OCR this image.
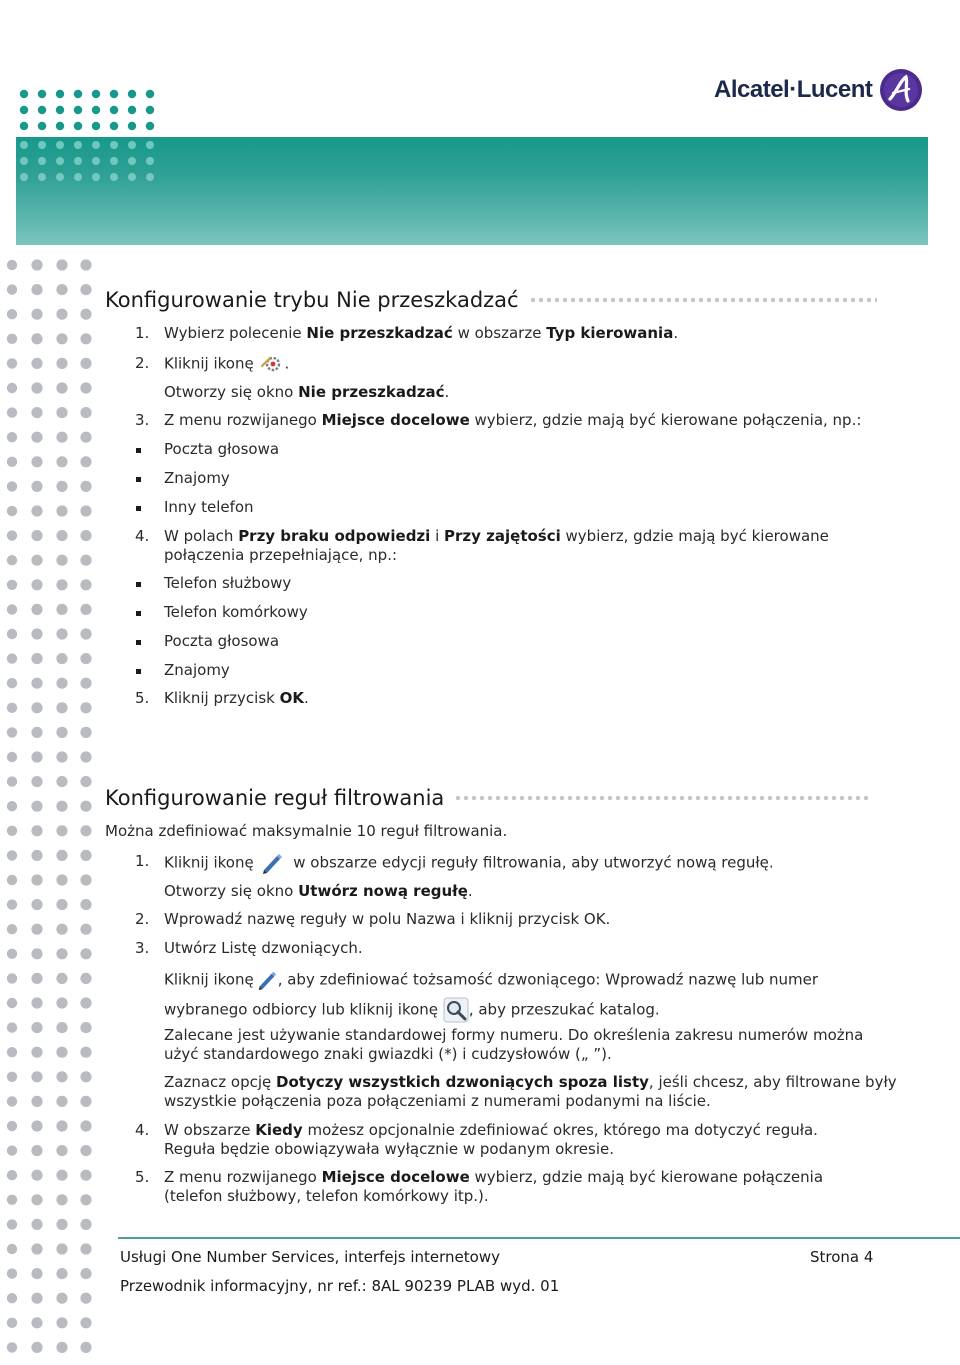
Alcatel·Lucent
Konfigurowanie trybu Nie przeszkadzać
1. Wybierz polecenie Nie przeszkadzać w obszarze Typ kierowania.
2. Kliknij ikonę .
Otworzy się okno Nie przeszkadzać.
3. Z menu rozwijanego Miejsce docelowe wybierz, gdzie mają być kierowane połączenia, np.:
Poczta głosowa
Znajomy
Inny telefon
4. W polach Przy braku odpowiedzi i Przy zajętości wybierz, gdzie mają być kierowane
połączenia przepełniające, np.:
Telefon służbowy
Telefon komórkowy
Poczta głosowa
Znajomy
5. Kliknij przycisk OK.
Konfigurowanie reguł filtrowania
Można zdefiniować maksymalnie 10 reguł filtrowania.
1. Kliknij ikonę	w obszarze edycji reguły filtrowania, aby utworzyć nową regułę.
Otworzy się okno Utwórz nową regułę.
2. Wprowadź nazwę reguły w polu Nazwa i kliknij przycisk OK.
3. Utwórz Listę dzwoniących.
Kliknij ikonę , aby zdefiniować tożsamość dzwoniącego: Wprowadź nazwę lub numer
wybranego odbiorcy lub kliknij ikonę , aby przeszukać katalog.
Zalecane jest używanie standardowej formy numeru. Do określenia zakresu numerów można
użyć standardowego znaki gwiazdki (*) i cudzysłowów („ ”).
Zaznacz opcję Dotyczy wszystkich dzwoniących spoza listy, jeśli chcesz, aby filtrowane były
wszystkie połączenia poza połączeniami z numerami podanymi na liście.
4. W obszarze Kiedy możesz opcjonalnie zdefiniować okres, którego ma dotyczyć reguła.
Reguła będzie obowiązywała wyłącznie w podanym okresie.
5. Z menu rozwijanego Miejsce docelowe wybierz, gdzie mają być kierowane połączenia
(telefon służbowy, telefon komórkowy itp.).
Usługi One Number Services, interfejs internetowy	Strona 4
Przewodnik informacyjny, nr ref.: 8AL 90239 PLAB wyd. 01
